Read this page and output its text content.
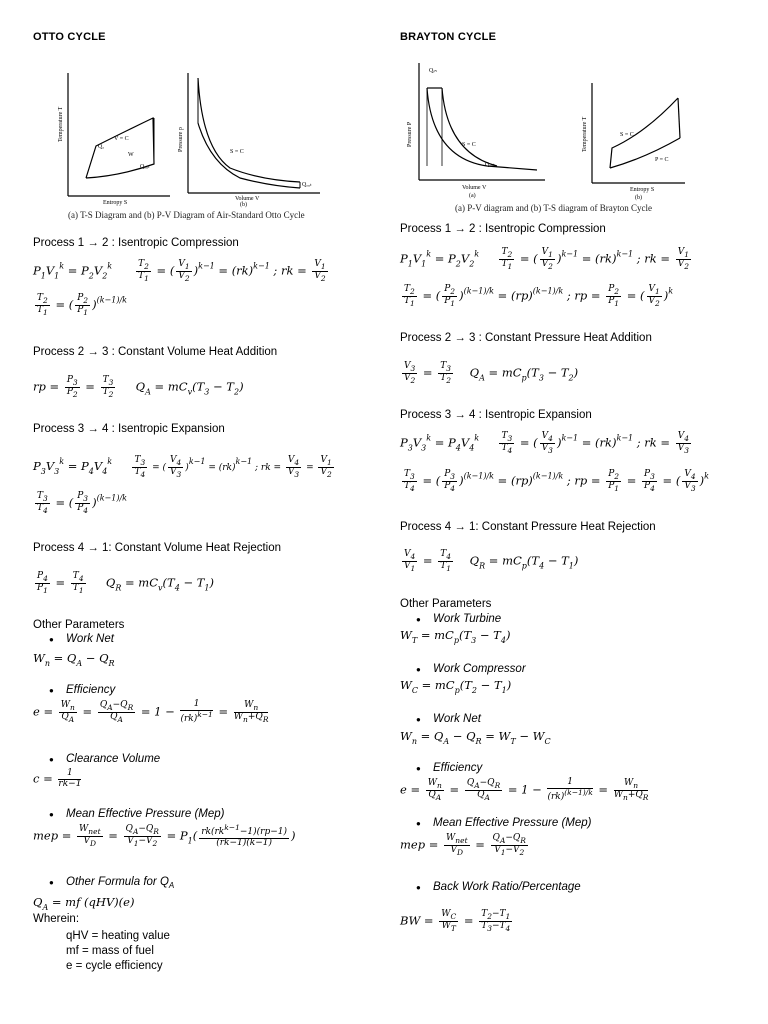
OTTO CYCLE
Temperature T
Entropy S
V = C
W
Qₐ
Qₒᵤₜ
Pressure p
Volume V
(b)
S = C
Qₒᵤₜ
(a) T-S Diagram and (b) P-V Diagram of Air-Standard Otto Cycle
Process 1 → 2 : Isentropic Compression
$P_1V_1^k = P_2V_2^k$	$\frac{T_2}{T_1}$ = ( $\frac{V_1}{V_2} )^{k-1} = (rk)^{k-1}$ ; rk = $\frac{V_1}{V_2}$
$\frac{T_2}{T_1}$ = ( $\frac{P_2}{P_1} )^{(k-1)/k}$
Process 2 → 3 : Constant Volume Heat Addition
rp = $\frac{P_3}{P_2} = \frac{T_3}{T_2} Q_A = mC_v(T_3 - T_2)$
Process 3 → 4 : Isentropic Expansion
$P_3V_3^k = P_4V_4^k \frac{T_3}{T_4}$ = ( $\frac{V_4}{V_3} )k-1 = (rk)k-1$ ; rk = $\frac{V_4}{V_3} = \frac{V_1}{V_2}$
$\frac{T_3}{T_4}$ = ( $\frac{P_3}{P_4} )^{(k-1)/k}$
Process 4 → 1: Constant Volume Heat Rejection
$\frac{P_4}{P_1} = \frac{T_4}{T_1} Q_R = mC_v(T_4 - T_1)$
Other Parameters
● Work Net
$W_n = Q_A - Q_R$
● Efficiency
$e = \frac{W_n}{Q_A} = \frac{Q_A-Q_R}{Q_A} = 1 - \frac{1}{(rk)^{k-1}} = \frac{W_n}{W_n+Q_R}$
● Clearance Volume
$c = \frac{1}{rk-1}$
● Mean Effective Pressure (Mep)
mep = $\frac{W_{net}}{V_D} = \frac{Q_A-Q_R}{V_1-V_2} = P_1( \frac{rk(rk^{k-1}-1)(rp-1)}{(rk-1)(k-1)}$ )
● Other Formula for $Q_A$
$Q_A$ = mf (qHV)(e)
Wherein:
qHV = heating value
mf = mass of fuel
e = cycle efficiency
BRAYTON CYCLE
Pressure P
Volume V
(a)
S = C
Qᵢₙ
Qₒᵤₜ
Temperature T
Entropy S
(b)
S = C
P = C
(a) P-V diagram and (b) T-S diagram of Brayton Cycle
Process 1 → 2 : Isentropic Compression
$P_1V_1^k = P_2V_2^k \frac{T_2}{T_1}$ = ( $\frac{V_1}{V_2} )^{k-1} = (rk)^{k-1}$ ; rk = $\frac{V_1}{V_2}$
$\frac{T_2}{T_1}$ = ( $\frac{P_2}{P_1} )^{(k-1)/k} = (rp)^{(k-1)/k}$ ; rp = $\frac{P_2}{P_1}$ = ( $\frac{V_1}{V_2} )^k$
Process 2 → 3 : Constant Pressure Heat Addition
$\frac{V_3}{V_2} = \frac{T_3}{T_2} Q_A = mC_p(T_3 - T_2)$
Process 3 → 4 : Isentropic Expansion
$P_3V_3^k = P_4V_4^k \frac{T_3}{T_4}$ = ( $\frac{V_4}{V_3} )^{k-1} = (rk)^{k-1}$ ; rk = $\frac{V_4}{V_3}$
$\frac{T_3}{T_4}$ = ( $\frac{P_3}{P_4} )^{(k-1)/k} = (rp)^{(k-1)/k}$ ; rp = $\frac{P_2}{P_1} = \frac{P_3}{P_4}$ = ( $\frac{V_4}{V_3} )^k$
Process 4 → 1: Constant Pressure Heat Rejection
$\frac{V_4}{V_1} = \frac{T_4}{T_1} Q_R = mC_p(T_4 - T_1)$
Other Parameters
● Work Turbine
$W_T = mC_p(T_3 - T_4)$
● Work Compressor
$W_C = mC_p(T_2 - T_1)$
● Work Net
$W_n = Q_A - Q_R = W_T - W_C$
● Efficiency
$e = \frac{W_n}{Q_A} = \frac{Q_A-Q_R}{Q_A} = 1 - \frac{1}{(rk)^{(k-1)/k}} = \frac{W_n}{W_n+Q_R}$
● Mean Effective Pressure (Mep)
mep = $\frac{W_{net}}{V_D} = \frac{Q_A-Q_R}{V_1-V_2}$
● Back Work Ratio/Percentage
BW = $\frac{W_C}{W_T} = \frac{T_2-T_1}{T_3-T_4}$
